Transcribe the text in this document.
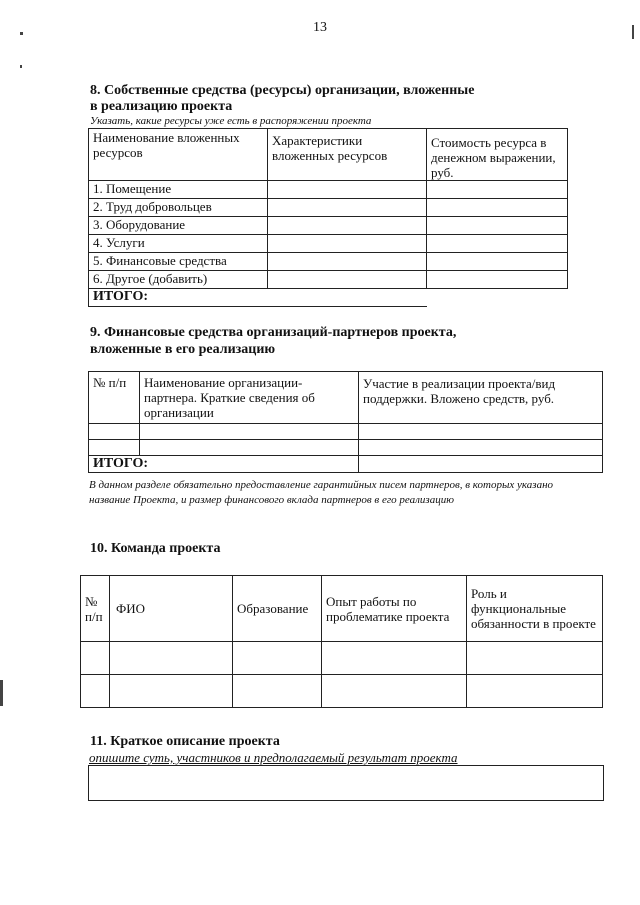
13
8. Собственные средства (ресурсы) организации, вложенные
в реализацию проекта
Указать, какие ресурсы уже есть в распоряжении проекта
Наименование вложенных ресурсов	Характеристики вложенных ресурсов	Стоимость ресурса в денежном выражении, руб.
1. Помещение		
2. Труд добровольцев		
3. Оборудование		
4. Услуги		
5. Финансовые средства		
6. Другое (добавить)		
ИТОГО:		
9. Финансовые средства организаций-партнеров проекта,
вложенные в его реализацию
№ п/п	Наименование организации-партнера. Краткие сведения об организации	Участие в реализации проекта/вид поддержки. Вложено средств, руб.

ИТОГО:		
В данном разделе обязательно предоставление гарантийных писем партнеров, в которых указано название Проекта, и размер финансового вклада партнеров в его реализацию
10. Команда проекта
№ п/п	ФИО	Образование	Опыт работы по проблематике проекта	Роль и функциональные обязанности в проекте

11. Краткое описание проекта
опишите суть, участников и предполагаемый результат проекта
